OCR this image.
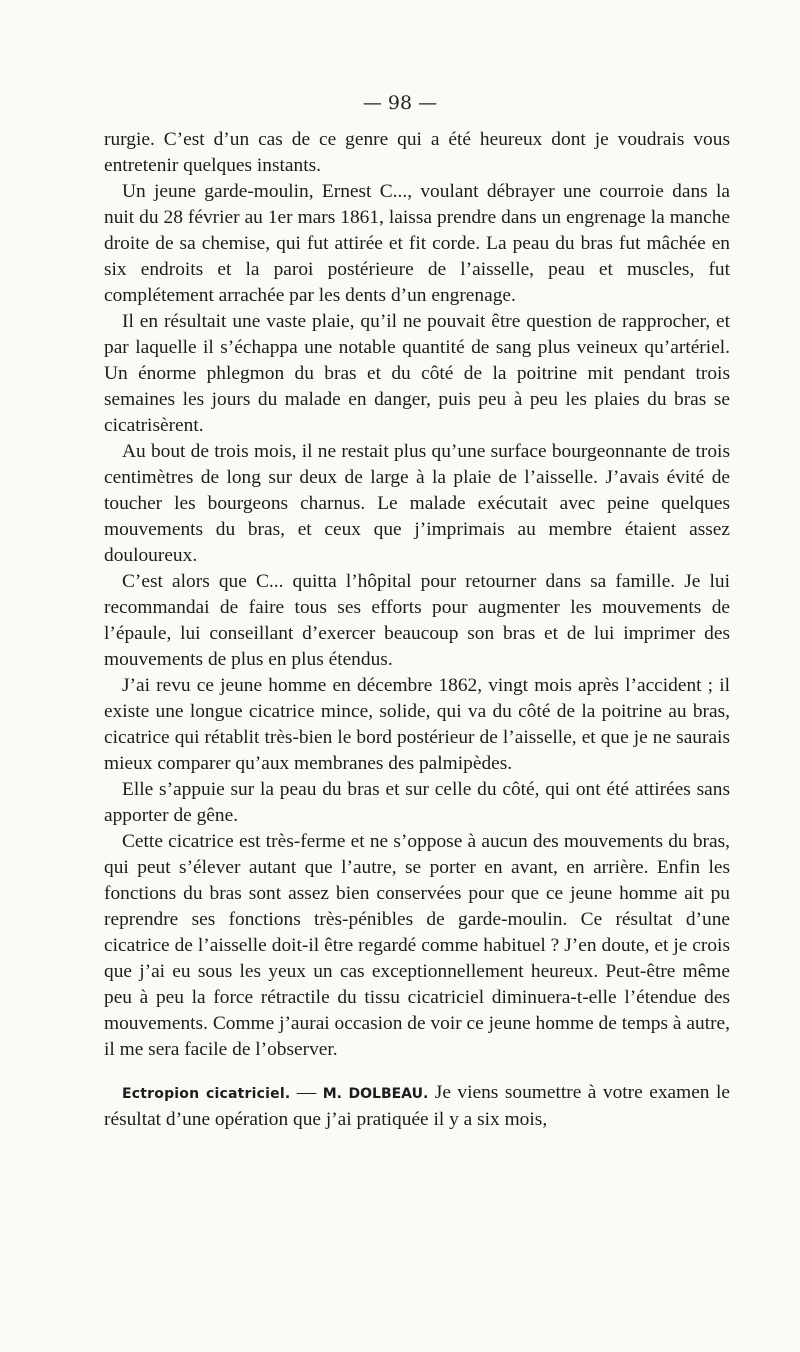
— 98 —

rurgie. C’est d’un cas de ce genre qui a été heureux dont je voudrais vous entretenir quelques instants.

Un jeune garde-moulin, Ernest C..., voulant débrayer une courroie dans la nuit du 28 février au 1er mars 1861, laissa prendre dans un engrenage la manche droite de sa chemise, qui fut attirée et fit corde. La peau du bras fut mâchée en six endroits et la paroi postérieure de l’aisselle, peau et muscles, fut complétement arrachée par les dents d’un engrenage.

Il en résultait une vaste plaie, qu’il ne pouvait être question de rapprocher, et par laquelle il s’échappa une notable quantité de sang plus veineux qu’artériel. Un énorme phlegmon du bras et du côté de la poitrine mit pendant trois semaines les jours du malade en danger, puis peu à peu les plaies du bras se cicatrisèrent.

Au bout de trois mois, il ne restait plus qu’une surface bourgeonnante de trois centimètres de long sur deux de large à la plaie de l’aisselle. J’avais évité de toucher les bourgeons charnus. Le malade exécutait avec peine quelques mouvements du bras, et ceux que j’imprimais au membre étaient assez douloureux.

C’est alors que C... quitta l’hôpital pour retourner dans sa famille. Je lui recommandai de faire tous ses efforts pour augmenter les mouvements de l’épaule, lui conseillant d’exercer beaucoup son bras et de lui imprimer des mouvements de plus en plus étendus.

J’ai revu ce jeune homme en décembre 1862, vingt mois après l’accident ; il existe une longue cicatrice mince, solide, qui va du côté de la poitrine au bras, cicatrice qui rétablit très-bien le bord postérieur de l’aisselle, et que je ne saurais mieux comparer qu’aux membranes des palmipèdes.

Elle s’appuie sur la peau du bras et sur celle du côté, qui ont été attirées sans apporter de gêne.

Cette cicatrice est très-ferme et ne s’oppose à aucun des mouvements du bras, qui peut s’élever autant que l’autre, se porter en avant, en arrière. Enfin les fonctions du bras sont assez bien conservées pour que ce jeune homme ait pu reprendre ses fonctions très-pénibles de garde-moulin. Ce résultat d’une cicatrice de l’aisselle doit-il être regardé comme habituel ? J’en doute, et je crois que j’ai eu sous les yeux un cas exceptionnellement heureux. Peut-être même peu à peu la force rétractile du tissu cicatriciel diminuera-t-elle l’étendue des mouvements. Comme j’aurai occasion de voir ce jeune homme de temps à autre, il me sera facile de l’observer.

Ectropion cicatriciel. — M. DOLBEAU. Je viens soumettre à votre examen le résultat d’une opération que j’ai pratiquée il y a six mois,
